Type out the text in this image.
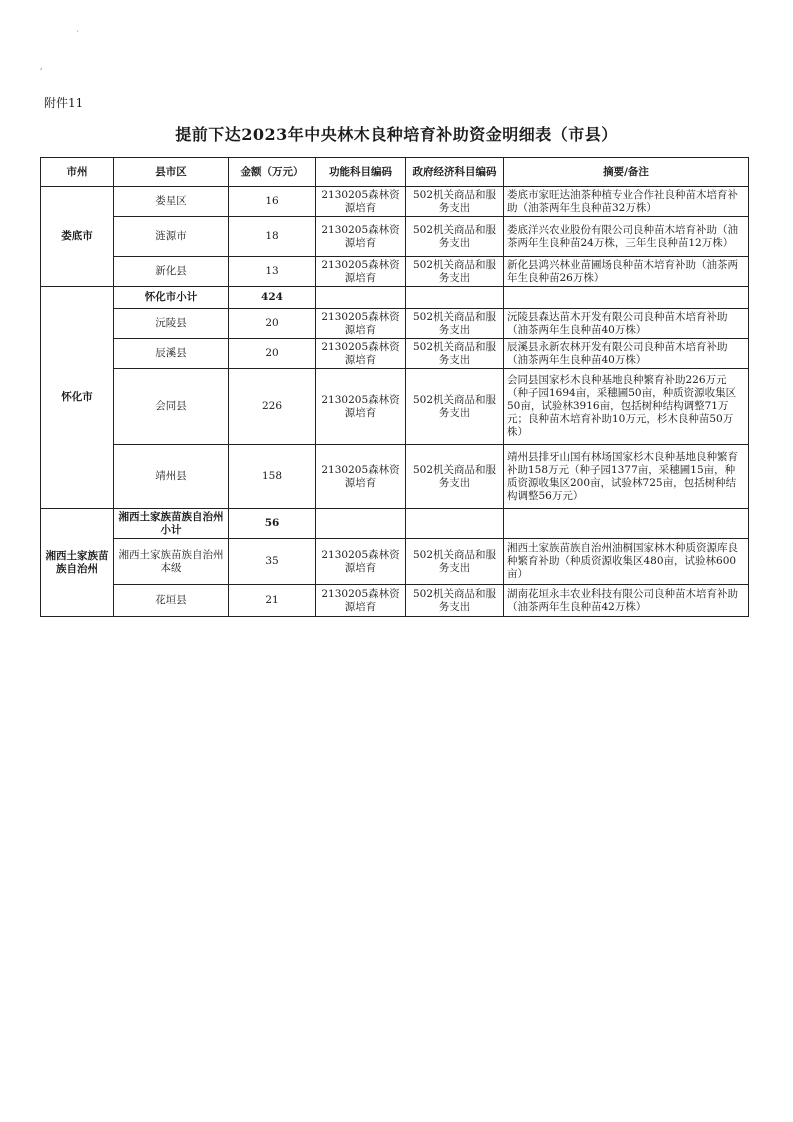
`
,
附件11
提前下达2023年中央林木良种培育补助资金明细表（市县）
市州	县市区	金额（万元）	功能科目编码	政府经济科目编码	摘要/备注
娄底市	娄星区	16	2130205森林资源培育	502机关商品和服务支出	娄底市家旺达油茶种植专业合作社良种苗木培育补助（油茶两年生良种苗32万株）
	涟源市	18	2130205森林资源培育	502机关商品和服务支出	娄底洋兴农业股份有限公司良种苗木培育补助（油茶两年生良种苗24万株，三年生良种苗12万株）
	新化县	13	2130205森林资源培育	502机关商品和服务支出	新化县鸿兴林业苗圃场良种苗木培育补助（油茶两年生良种苗26万株）
怀化市	怀化市小计	424			
	沅陵县	20	2130205森林资源培育	502机关商品和服务支出	沅陵县森达苗木开发有限公司良种苗木培育补助（油茶两年生良种苗40万株）
	辰溪县	20	2130205森林资源培育	502机关商品和服务支出	辰溪县永新农林开发有限公司良种苗木培育补助（油茶两年生良种苗40万株）
	会同县	226	2130205森林资源培育	502机关商品和服务支出	会同县国家杉木良种基地良种繁育补助226万元（种子园1694亩，采穗圃50亩，种质资源收集区50亩，试验林3916亩，包括树种结构调整71万元；良种苗木培育补助10万元，杉木良种苗50万株）
	靖州县	158	2130205森林资源培育	502机关商品和服务支出	靖州县排牙山国有林场国家杉木良种基地良种繁育补助158万元（种子园1377亩，采穗圃15亩，种质资源收集区200亩，试验林725亩，包括树种结构调整56万元）
湘西土家族苗族自治州	湘西土家族苗族自治州小计	56			
	湘西土家族苗族自治州本级	35	2130205森林资源培育	502机关商品和服务支出	湘西土家族苗族自治州油桐国家林木种质资源库良种繁育补助（种质资源收集区480亩，试验林600亩）
	花垣县	21	2130205森林资源培育	502机关商品和服务支出	湖南花垣永丰农业科技有限公司良种苗木培育补助（油茶两年生良种苗42万株）
